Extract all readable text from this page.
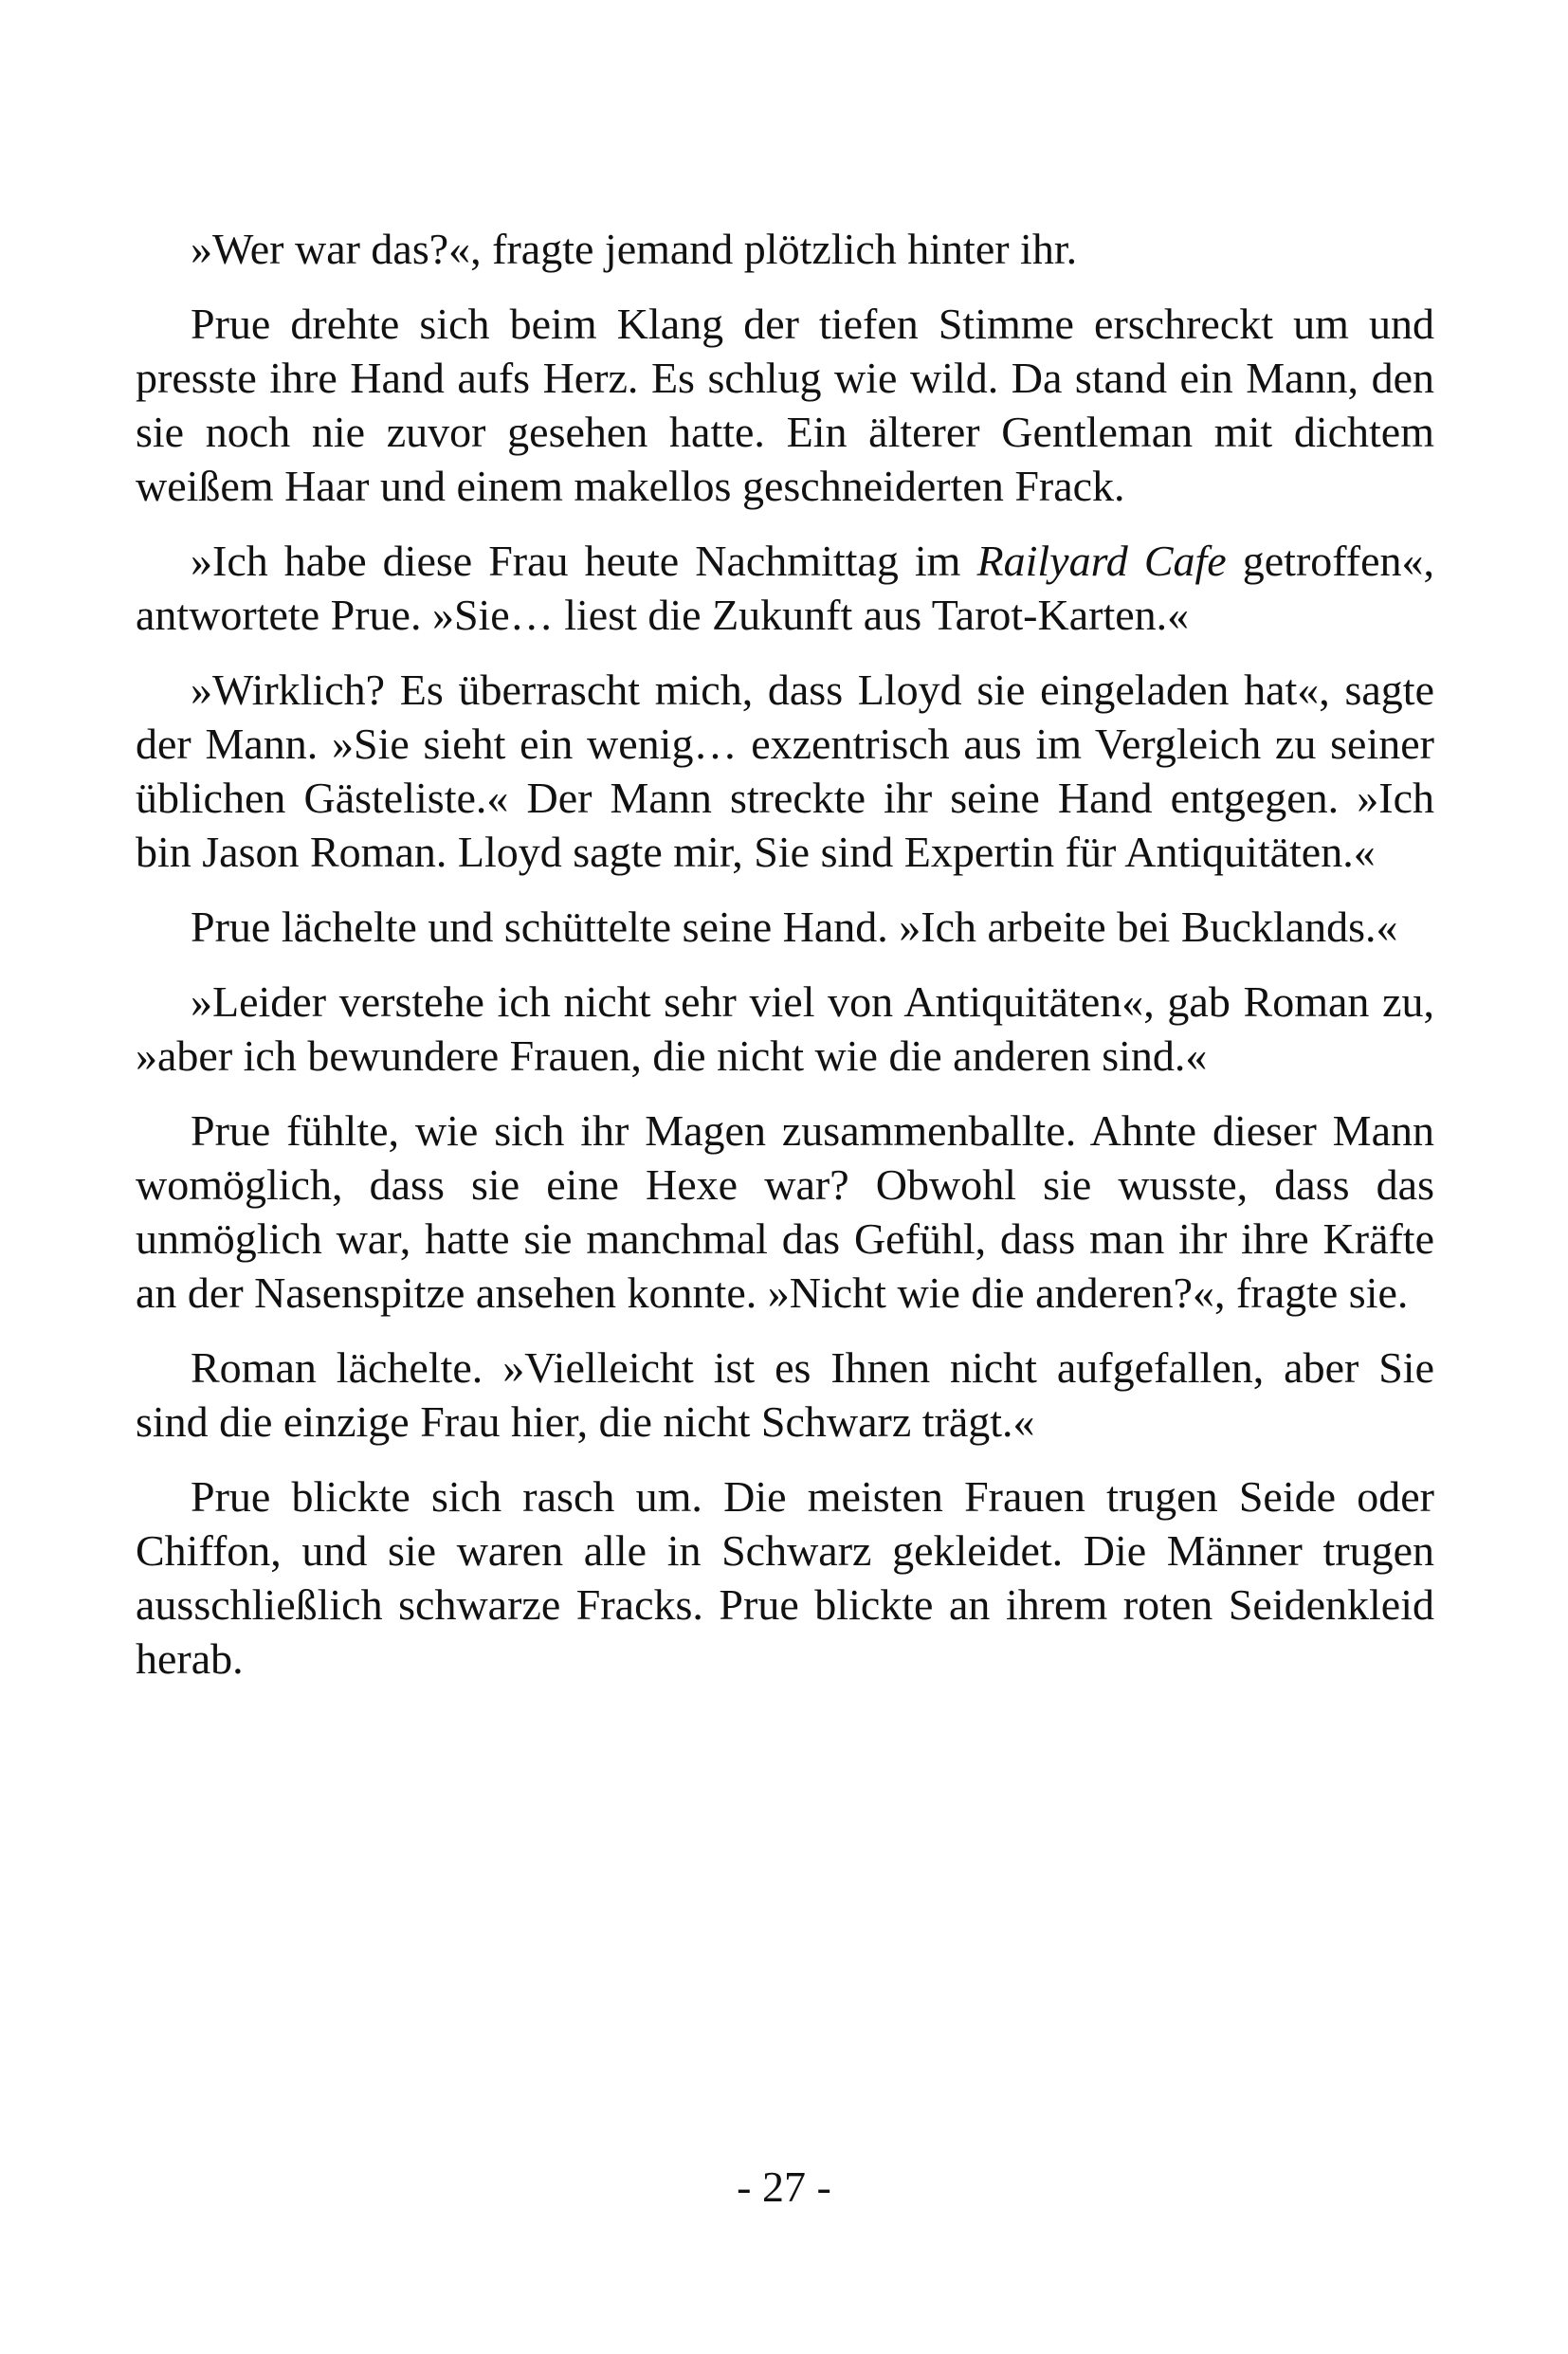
»Wer war das?«, fragte jemand plötzlich hinter ihr.

Prue drehte sich beim Klang der tiefen Stimme erschreckt um und presste ihre Hand aufs Herz. Es schlug wie wild. Da stand ein Mann, den sie noch nie zuvor gesehen hatte. Ein älterer Gentleman mit dichtem weißem Haar und einem makellos geschneiderten Frack.

»Ich habe diese Frau heute Nachmittag im Railyard Cafe getroffen«, antwortete Prue. »Sie… liest die Zukunft aus Tarot-Karten.«

»Wirklich? Es überrascht mich, dass Lloyd sie eingeladen hat«, sagte der Mann. »Sie sieht ein wenig… exzentrisch aus im Vergleich zu seiner üblichen Gästeliste.« Der Mann streckte ihr seine Hand entgegen. »Ich bin Jason Roman. Lloyd sagte mir, Sie sind Expertin für Antiquitäten.«

Prue lächelte und schüttelte seine Hand. »Ich arbeite bei Bucklands.«

»Leider verstehe ich nicht sehr viel von Antiquitäten«, gab Roman zu, »aber ich bewundere Frauen, die nicht wie die anderen sind.«

Prue fühlte, wie sich ihr Magen zusammenballte. Ahnte dieser Mann womöglich, dass sie eine Hexe war? Obwohl sie wusste, dass das unmöglich war, hatte sie manchmal das Gefühl, dass man ihr ihre Kräfte an der Nasenspitze ansehen konnte. »Nicht wie die anderen?«, fragte sie.

Roman lächelte. »Vielleicht ist es Ihnen nicht aufgefallen, aber Sie sind die einzige Frau hier, die nicht Schwarz trägt.«

Prue blickte sich rasch um. Die meisten Frauen trugen Seide oder Chiffon, und sie waren alle in Schwarz gekleidet. Die Männer trugen ausschließlich schwarze Fracks. Prue blickte an ihrem roten Seidenkleid herab.

- 27 -
